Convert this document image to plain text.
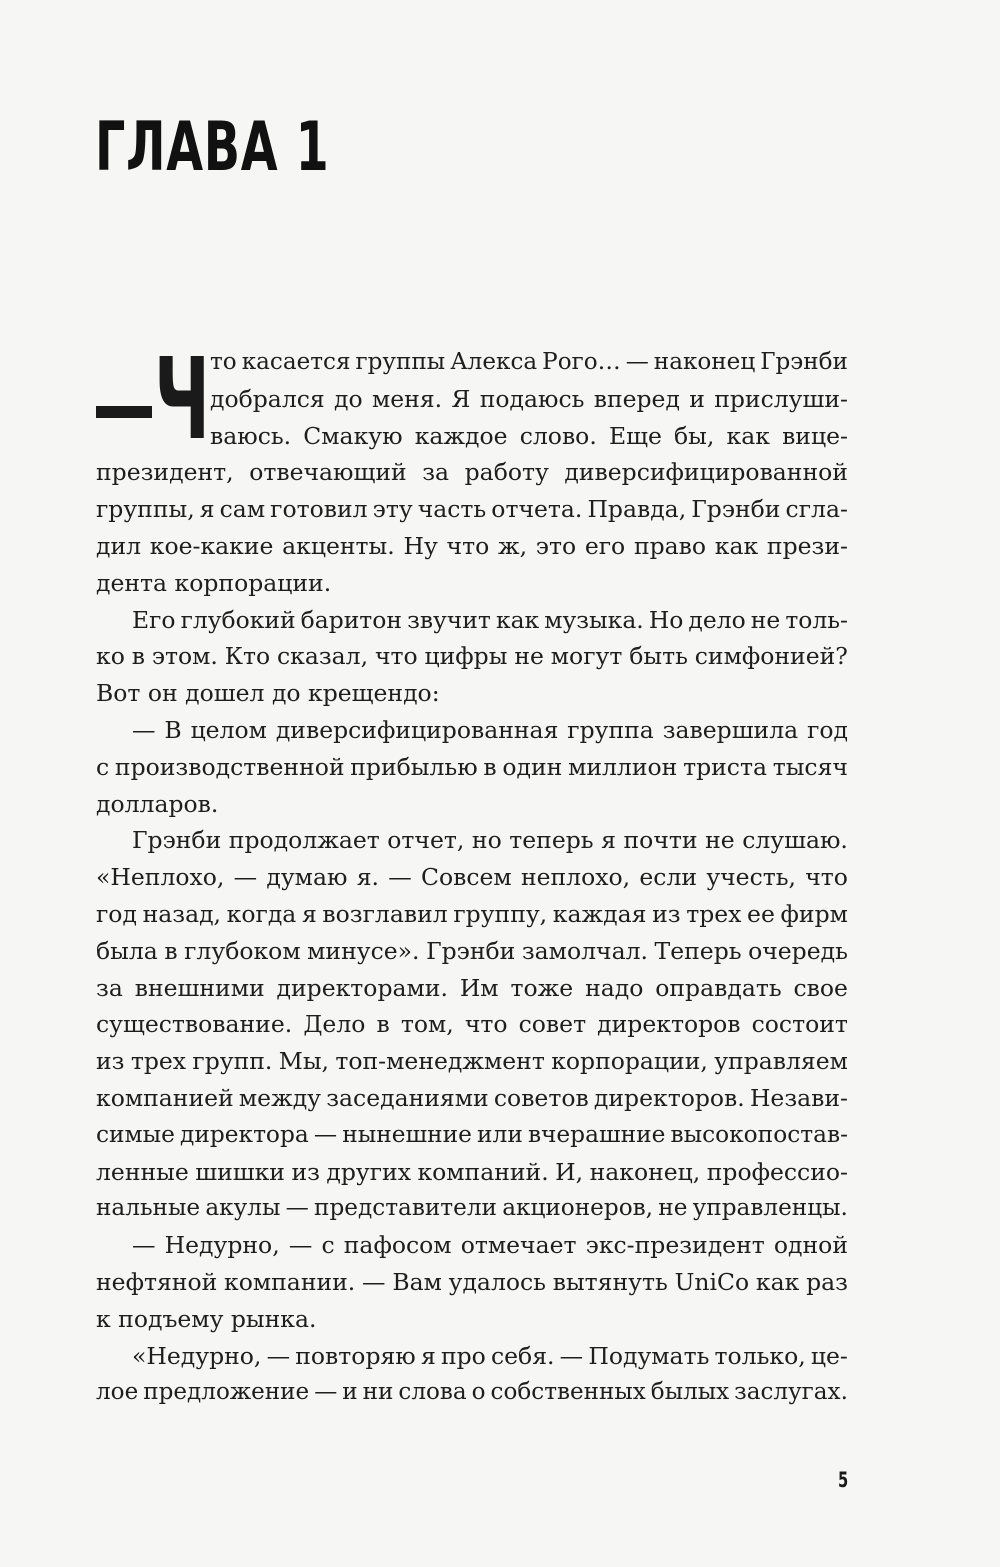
ГЛАВА 1
Ч то касается группы Алекса Рого… — наконец Грэнби
добрался до меня. Я подаюсь вперед и прислуши-
ваюсь. Смакую каждое слово. Еще бы, как вице-
президент, отвечающий за работу диверсифицированной
группы, я сам готовил эту часть отчета. Правда, Грэнби сгла-
дил кое-какие акценты. Ну что ж, это его право как прези-
дента корпорации.
Его глубокий баритон звучит как музыка. Но дело не толь-
ко в этом. Кто сказал, что цифры не могут быть симфонией?
Вот он дошел до крещендо:
— В целом диверсифицированная группа завершила год
с производственной прибылью в один миллион триста тысяч
долларов.
Грэнби продолжает отчет, но теперь я почти не слушаю.
«Неплохо, — думаю я. — Совсем неплохо, если учесть, что
год назад, когда я возглавил группу, каждая из трех ее фирм
была в глубоком минусе». Грэнби замолчал. Теперь очередь
за внешними директорами. Им тоже надо оправдать свое
существование. Дело в том, что совет директоров состоит
из трех групп. Мы, топ-менеджмент корпорации, управляем
компанией между заседаниями советов директоров. Незави-
симые директора — нынешние или вчерашние высокопостав-
ленные шишки из других компаний. И, наконец, профессио-
нальные акулы — представители акционеров, не управленцы.
— Недурно, — с пафосом отмечает экс-президент одной
нефтяной компании. — Вам удалось вытянуть UniCo как раз
к подъему рынка.
«Недурно, — повторяю я про себя. — Подумать только, це-
лое предложение — и ни слова о собственных былых заслугах.
5
